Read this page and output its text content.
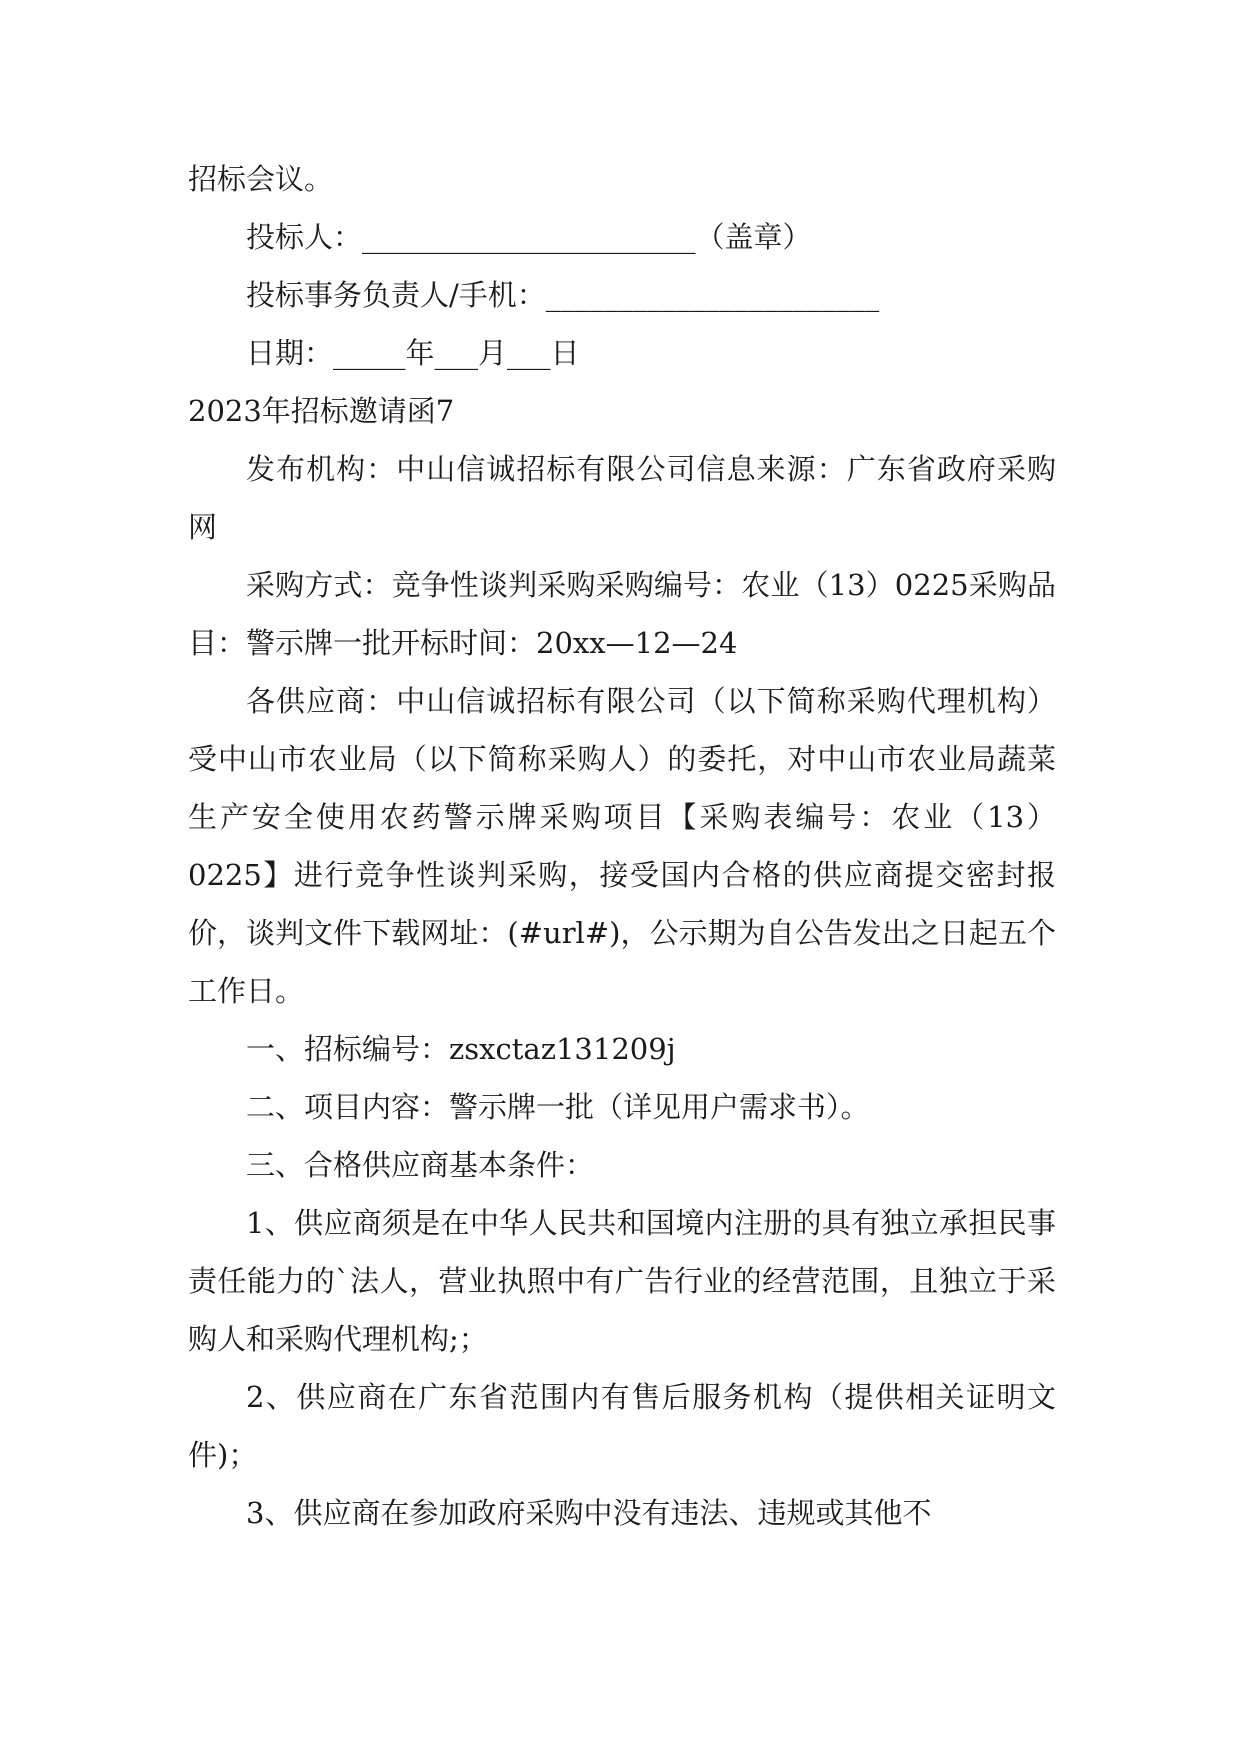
招标会议。

投标人：_______________________（盖章）

投标事务负责人/手机：_______________________

日期：_____年___月___日

2023年招标邀请函7

发布机构：中山信诚招标有限公司信息来源：广东省政府采购网

采购方式：竞争性谈判采购采购编号：农业（13）0225采购品目：警示牌一批开标时间：20xx—12—24

各供应商：中山信诚招标有限公司（以下简称采购代理机构）受中山市农业局（以下简称采购人）的委托，对中山市农业局蔬菜生产安全使用农药警示牌采购项目【采购表编号：农业（13）0225】进行竞争性谈判采购，接受国内合格的供应商提交密封报价，谈判文件下载网址：(#url#)，公示期为自公告发出之日起五个工作日。

一、招标编号：zsxctaz131209j

二、项目内容：警示牌一批（详见用户需求书）。

三、合格供应商基本条件：

1、供应商须是在中华人民共和国境内注册的具有独立承担民事责任能力的`法人，营业执照中有广告行业的经营范围，且独立于采购人和采购代理机构;；

2、供应商在广东省范围内有售后服务机构（提供相关证明文件)；

3、供应商在参加政府采购中没有违法、违规或其他不
